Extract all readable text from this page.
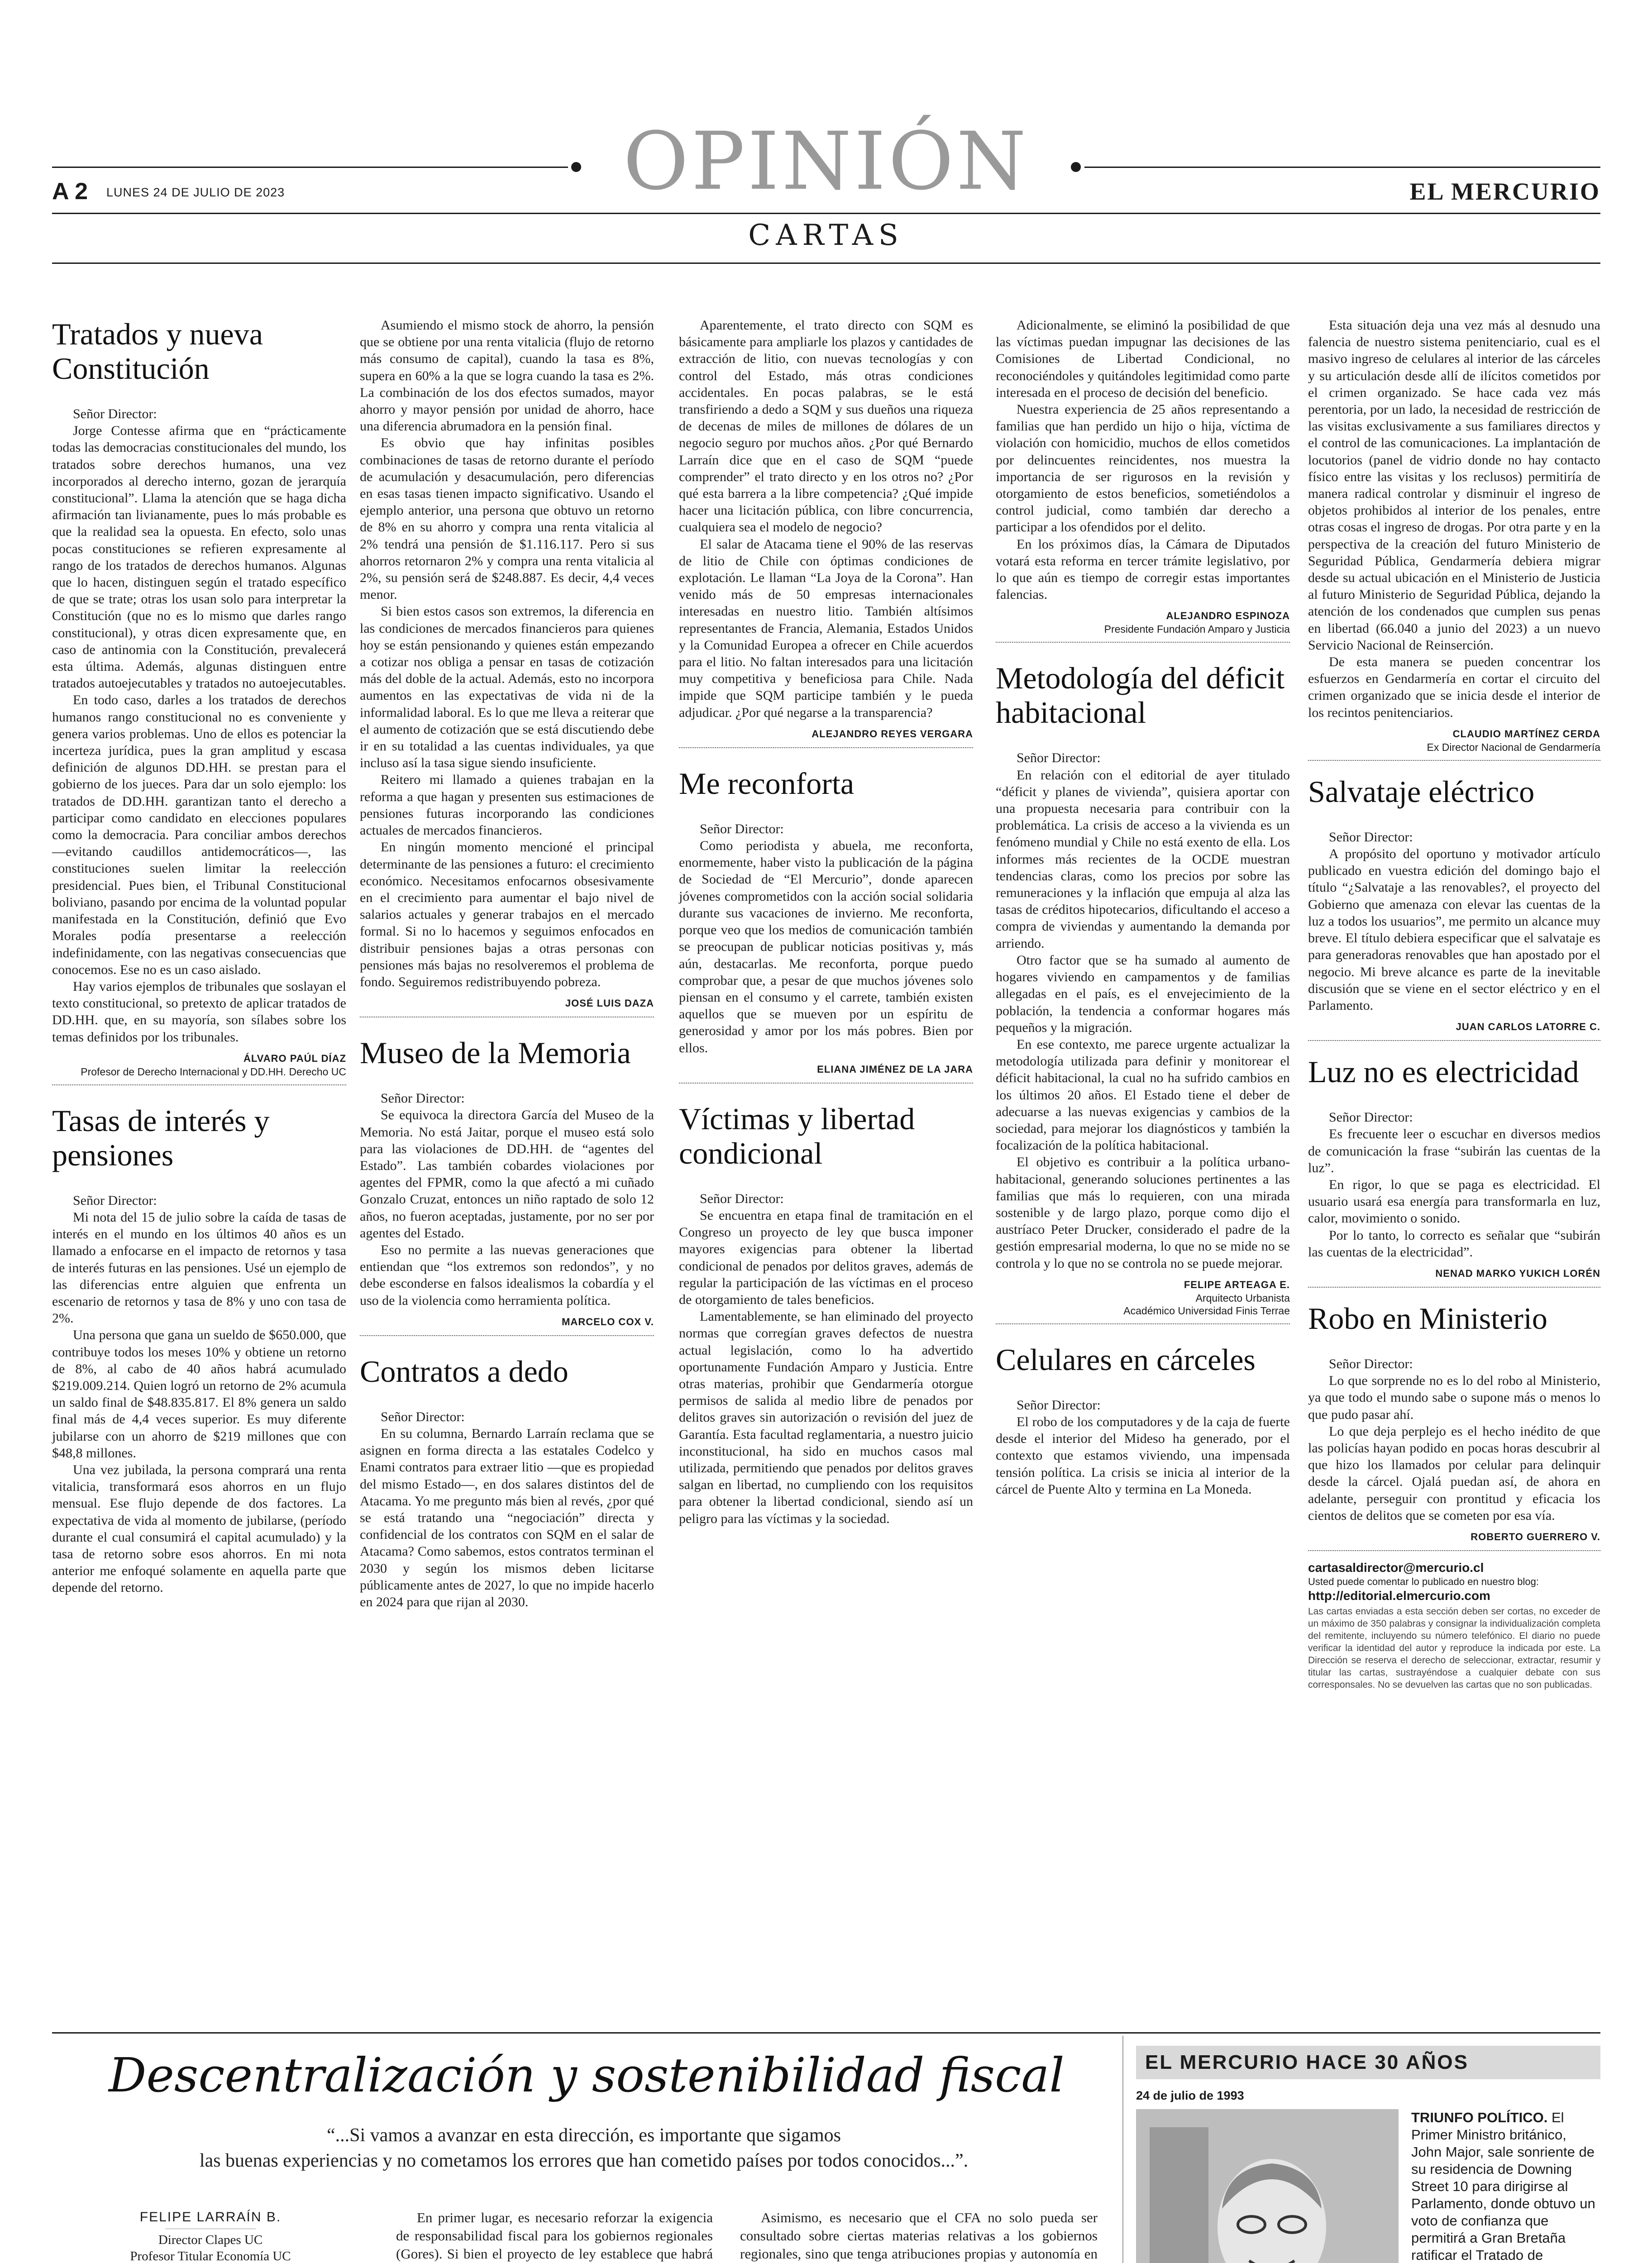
OPINIÓN
A 2 LUNES 24 DE JULIO DE 2023	EL MERCURIO
CARTAS
Tratados y nueva Constitución

Señor Director:

Jorge Contesse afirma que en “prácticamente todas las democracias constitucionales del mundo, los tratados sobre derechos humanos, una vez incorporados al derecho interno, gozan de jerarquía constitucional”. Llama la atención que se haga dicha afirmación tan livianamente, pues lo más probable es que la realidad sea la opuesta. En efecto, solo unas pocas constituciones se refieren expresamente al rango de los tratados de derechos humanos. Algunas que lo hacen, distinguen según el tratado específico de que se trate; otras los usan solo para interpretar la Constitución (que no es lo mismo que darles rango constitucional), y otras dicen expresamente que, en caso de antinomia con la Constitución, prevalecerá esta última. Además, algunas distinguen entre tratados autoejecutables y tratados no autoejecutables.

En todo caso, darles a los tratados de derechos humanos rango constitucional no es conveniente y genera varios problemas. Uno de ellos es potenciar la incerteza jurídica, pues la gran amplitud y escasa definición de algunos DD.HH. se prestan para el gobierno de los jueces. Para dar un solo ejemplo: los tratados de DD.HH. garantizan tanto el derecho a participar como candidato en elecciones populares como la democracia. Para conciliar ambos derechos —evitando caudillos antidemocráticos—, las constituciones suelen limitar la reelección presidencial. Pues bien, el Tribunal Constitucional boliviano, pasando por encima de la voluntad popular manifestada en la Constitución, definió que Evo Morales podía presentarse a reelección indefinidamente, con las negativas consecuencias que conocemos. Ese no es un caso aislado.

Hay varios ejemplos de tribunales que soslayan el texto constitucional, so pretexto de aplicar tratados de DD.HH. que, en su mayoría, son sílabes sobre los temas definidos por los tribunales.

ÁLVARO PAÚL DÍAZ
Profesor de Derecho Internacional y DD.HH. Derecho UC
Tasas de interés y pensiones

Señor Director:

Mi nota del 15 de julio sobre la caída de tasas de interés en el mundo en los últimos 40 años es un llamado a enfocarse en el impacto de retornos y tasa de interés futuras en las pensiones. Usé un ejemplo de las diferencias entre alguien que enfrenta un escenario de retornos y tasa de 8% y uno con tasa de 2%.

Una persona que gana un sueldo de $650.000, que contribuye todos los meses 10% y obtiene un retorno de 8%, al cabo de 40 años habrá acumulado $219.009.214. Quien logró un retorno de 2% acumula un saldo final de $48.835.817. El 8% genera un saldo final más de 4,4 veces superior. Es muy diferente jubilarse con un ahorro de $219 millones que con $48,8 millones.

Una vez jubilada, la persona comprará una renta vitalicia, transformará esos ahorros en un flujo mensual. Ese flujo depende de dos factores. La expectativa de vida al momento de jubilarse, (período durante el cual consumirá el capital acumulado) y la tasa de retorno sobre esos ahorros. En mi nota anterior me enfoqué solamente en aquella parte que depende del retorno.

Asumiendo el mismo stock de ahorro, la pensión que se obtiene por una renta vitalicia (flujo de retorno más consumo de capital), cuando la tasa es 8%, supera en 60% a la que se logra cuando la tasa es 2%. La combinación de los dos efectos sumados, mayor ahorro y mayor pensión por unidad de ahorro, hace una diferencia abrumadora en la pensión final.

Es obvio que hay infinitas posibles combinaciones de tasas de retorno durante el período de acumulación y desacumulación, pero diferencias en esas tasas tienen impacto significativo. Usando el ejemplo anterior, una persona que obtuvo un retorno de 8% en su ahorro y compra una renta vitalicia al 2% tendrá una pensión de $1.116.117. Pero si sus ahorros retornaron 2% y compra una renta vitalicia al 2%, su pensión será de $248.887. Es decir, 4,4 veces menor.

Si bien estos casos son extremos, la diferencia en las condiciones de mercados financieros para quienes hoy se están pensionando y quienes están empezando a cotizar nos obliga a pensar en tasas de cotización más del doble de la actual. Además, esto no incorpora aumentos en las expectativas de vida ni de la informalidad laboral. Es lo que me lleva a reiterar que el aumento de cotización que se está discutiendo debe ir en su totalidad a las cuentas individuales, ya que incluso así la tasa sigue siendo insuficiente.

Reitero mi llamado a quienes trabajan en la reforma a que hagan y presenten sus estimaciones de pensiones futuras incorporando las condiciones actuales de mercados financieros.

En ningún momento mencioné el principal determinante de las pensiones a futuro: el crecimiento económico. Necesitamos enfocarnos obsesivamente en el crecimiento para aumentar el bajo nivel de salarios actuales y generar trabajos en el mercado formal. Si no lo hacemos y seguimos enfocados en distribuir pensiones bajas a otras personas con pensiones más bajas no resolveremos el problema de fondo. Seguiremos redistribuyendo pobreza.

JOSÉ LUIS DAZA
Museo de la Memoria

Señor Director:

Se equivoca la directora García del Museo de la Memoria. No está Jaitar, porque el museo está solo para las violaciones de DD.HH. de “agentes del Estado”. Las también cobardes violaciones por agentes del FPMR, como la que afectó a mi cuñado Gonzalo Cruzat, entonces un niño raptado de solo 12 años, no fueron aceptadas, justamente, por no ser por agentes del Estado.

Eso no permite a las nuevas generaciones que entiendan que “los extremos son redondos”, y no debe esconderse en falsos idealismos la cobardía y el uso de la violencia como herramienta política.

MARCELO COX V.
Contratos a dedo

Señor Director:

En su columna, Bernardo Larraín reclama que se asignen en forma directa a las estatales Codelco y Enami contratos para extraer litio —que es propiedad del mismo Estado—, en dos salares distintos del de Atacama. Yo me pregunto más bien al revés, ¿por qué se está tratando una “negociación” directa y confidencial de los contratos con SQM en el salar de Atacama? Como sabemos, estos contratos terminan el 2030 y según los mismos deben licitarse públicamente antes de 2027, lo que no impide hacerlo en 2024 para que rijan al 2030.

Aparentemente, el trato directo con SQM es básicamente para ampliarle los plazos y cantidades de extracción de litio, con nuevas tecnologías y con control del Estado, más otras condiciones accidentales. En pocas palabras, se le está transfiriendo a dedo a SQM y sus dueños una riqueza de decenas de miles de millones de dólares de un negocio seguro por muchos años. ¿Por qué Bernardo Larraín dice que en el caso de SQM “puede comprender” el trato directo y en los otros no? ¿Por qué esta barrera a la libre competencia? ¿Qué impide hacer una licitación pública, con libre concurrencia, cualquiera sea el modelo de negocio?

El salar de Atacama tiene el 90% de las reservas de litio de Chile con óptimas condiciones de explotación. Le llaman “La Joya de la Corona”. Han venido más de 50 empresas internacionales interesadas en nuestro litio. También altísimos representantes de Francia, Alemania, Estados Unidos y la Comunidad Europea a ofrecer en Chile acuerdos para el litio. No faltan interesados para una licitación muy competitiva y beneficiosa para Chile. Nada impide que SQM participe también y le pueda adjudicar. ¿Por qué negarse a la transparencia?

ALEJANDRO REYES VERGARA
Me reconforta

Señor Director:

Como periodista y abuela, me reconforta, enormemente, haber visto la publicación de la página de Sociedad de “El Mercurio”, donde aparecen jóvenes comprometidos con la acción social solidaria durante sus vacaciones de invierno. Me reconforta, porque veo que los medios de comunicación también se preocupan de publicar noticias positivas y, más aún, destacarlas. Me reconforta, porque puedo comprobar que, a pesar de que muchos jóvenes solo piensan en el consumo y el carrete, también existen aquellos que se mueven por un espíritu de generosidad y amor por los más pobres. Bien por ellos.

ELIANA JIMÉNEZ DE LA JARA
Víctimas y libertad condicional

Señor Director:

Se encuentra en etapa final de tramitación en el Congreso un proyecto de ley que busca imponer mayores exigencias para obtener la libertad condicional de penados por delitos graves, además de regular la participación de las víctimas en el proceso de otorgamiento de tales beneficios.

Lamentablemente, se han eliminado del proyecto normas que corregían graves defectos de nuestra actual legislación, como lo ha advertido oportunamente Fundación Amparo y Justicia. Entre otras materias, prohibir que Gendarmería otorgue permisos de salida al medio libre de penados por delitos graves sin autorización o revisión del juez de Garantía. Esta facultad reglamentaria, a nuestro juicio inconstitucional, ha sido en muchos casos mal utilizada, permitiendo que penados por delitos graves salgan en libertad, no cumpliendo con los requisitos para obtener la libertad condicional, siendo así un peligro para las víctimas y la sociedad.

Adicionalmente, se eliminó la posibilidad de que las víctimas puedan impugnar las decisiones de las Comisiones de Libertad Condicional, no reconociéndoles y quitándoles legitimidad como parte interesada en el proceso de decisión del beneficio.

Nuestra experiencia de 25 años representando a familias que han perdido un hijo o hija, víctima de violación con homicidio, muchos de ellos cometidos por delincuentes reincidentes, nos muestra la importancia de ser rigurosos en la revisión y otorgamiento de estos beneficios, sometiéndolos a control judicial, como también dar derecho a participar a los ofendidos por el delito.

En los próximos días, la Cámara de Diputados votará esta reforma en tercer trámite legislativo, por lo que aún es tiempo de corregir estas importantes falencias.

ALEJANDRO ESPINOZA
Presidente Fundación Amparo y Justicia
Metodología del déficit habitacional

Señor Director:

En relación con el editorial de ayer titulado “déficit y planes de vivienda”, quisiera aportar con una propuesta necesaria para contribuir con la problemática. La crisis de acceso a la vivienda es un fenómeno mundial y Chile no está exento de ella. Los informes más recientes de la OCDE muestran tendencias claras, como los precios por sobre las remuneraciones y la inflación que empuja al alza las tasas de créditos hipotecarios, dificultando el acceso a compra de viviendas y aumentando la demanda por arriendo.

Otro factor que se ha sumado al aumento de hogares viviendo en campamentos y de familias allegadas en el país, es el envejecimiento de la población, la tendencia a conformar hogares más pequeños y la migración.

En ese contexto, me parece urgente actualizar la metodología utilizada para definir y monitorear el déficit habitacional, la cual no ha sufrido cambios en los últimos 20 años. El Estado tiene el deber de adecuarse a las nuevas exigencias y cambios de la sociedad, para mejorar los diagnósticos y también la focalización de la política habitacional.

El objetivo es contribuir a la política urbano-habitacional, generando soluciones pertinentes a las familias que más lo requieren, con una mirada sostenible y de largo plazo, porque como dijo el austríaco Peter Drucker, considerado el padre de la gestión empresarial moderna, lo que no se mide no se controla y lo que no se controla no se puede mejorar.

FELIPE ARTEAGA E.
Arquitecto Urbanista
Académico Universidad Finis Terrae
Celulares en cárceles

Señor Director:

El robo de los computadores y de la caja de fuerte desde el interior del Mideso ha generado, por el contexto que estamos viviendo, una impensada tensión política. La crisis se inicia al interior de la cárcel de Puente Alto y termina en La Moneda.

Esta situación deja una vez más al desnudo una falencia de nuestro sistema penitenciario, cual es el masivo ingreso de celulares al interior de las cárceles y su articulación desde allí de ilícitos cometidos por el crimen organizado. Se hace cada vez más perentoria, por un lado, la necesidad de restricción de las visitas exclusivamente a sus familiares directos y el control de las comunicaciones. La implantación de locutorios (panel de vidrio donde no hay contacto físico entre las visitas y los reclusos) permitiría de manera radical controlar y disminuir el ingreso de objetos prohibidos al interior de los penales, entre otras cosas el ingreso de drogas. Por otra parte y en la perspectiva de la creación del futuro Ministerio de Seguridad Pública, Gendarmería debiera migrar desde su actual ubicación en el Ministerio de Justicia al futuro Ministerio de Seguridad Pública, dejando la atención de los condenados que cumplen sus penas en libertad (66.040 a junio del 2023) a un nuevo Servicio Nacional de Reinserción.

De esta manera se pueden concentrar los esfuerzos en Gendarmería en cortar el circuito del crimen organizado que se inicia desde el interior de los recintos penitenciarios.

CLAUDIO MARTÍNEZ CERDA
Ex Director Nacional de Gendarmería
Salvataje eléctrico

Señor Director:

A propósito del oportuno y motivador artículo publicado en vuestra edición del domingo bajo el título “¿Salvataje a las renovables?, el proyecto del Gobierno que amenaza con elevar las cuentas de la luz a todos los usuarios”, me permito un alcance muy breve. El título debiera especificar que el salvataje es para generadoras renovables que han apostado por el negocio. Mi breve alcance es parte de la inevitable discusión que se viene en el sector eléctrico y en el Parlamento.

JUAN CARLOS LATORRE C.
Luz no es electricidad

Señor Director:

Es frecuente leer o escuchar en diversos medios de comunicación la frase “subirán las cuentas de la luz”.

En rigor, lo que se paga es electricidad. El usuario usará esa energía para transformarla en luz, calor, movimiento o sonido.

Por lo tanto, lo correcto es señalar que “subirán las cuentas de la electricidad”.

NENAD MARKO YUKICH LORÉN
Robo en Ministerio

Señor Director:

Lo que sorprende no es lo del robo al Ministerio, ya que todo el mundo sabe o supone más o menos lo que pudo pasar ahí.

Lo que deja perplejo es el hecho inédito de que las policías hayan podido en pocas horas descubrir al que hizo los llamados por celular para delinquir desde la cárcel. Ojalá puedan así, de ahora en adelante, perseguir con prontitud y eficacia los cientos de delitos que se cometen por esa vía.

ROBERTO GUERRERO V.
cartasaldirector@mercurio.cl
Usted puede comentar lo publicado en nuestro blog:
http://editorial.elmercurio.com
Las cartas enviadas a esta sección deben ser cortas, no exceder de un máximo de 350 palabras y consignar la individualización completa del remitente, incluyendo su número telefónico. El diario no puede verificar la identidad del autor y reproduce la indicada por este. La Dirección se reserva el derecho de seleccionar, extractar, resumir y titular las cartas, sustrayéndose a cualquier debate con sus corresponsales. No se devuelven las cartas que no son publicadas.
Descentralización y sostenibilidad fiscal
“...Si vamos a avanzar en esta dirección, es importante que sigamos
las buenas experiencias y no cometamos los errores que han cometido países por todos conocidos...”.
FELIPE LARRAÍN B.
Director Clapes UC
Profesor Titular Economía UC

En primer lugar, es necesario reforzar la exigencia de responsabilidad fiscal para los gobiernos regionales (Gores). Si bien el proyecto de ley establece que habrá

Asimismo, es necesario que el CFA no solo pueda ser consultado sobre ciertas materias relativas a los gobiernos regionales, sino que tenga atribuciones propias y autonomía en

EL MERCURIO HACE 30 AÑOS
24 de julio de 1993
TRIUNFO POLÍTICO. El Primer Ministro británico, John Major, sale sonriente de su residencia de Downing Street 10 para dirigirse al Parlamento, donde obtuvo un voto de confianza que permitirá a Gran Bretaña ratificar el Tratado de
